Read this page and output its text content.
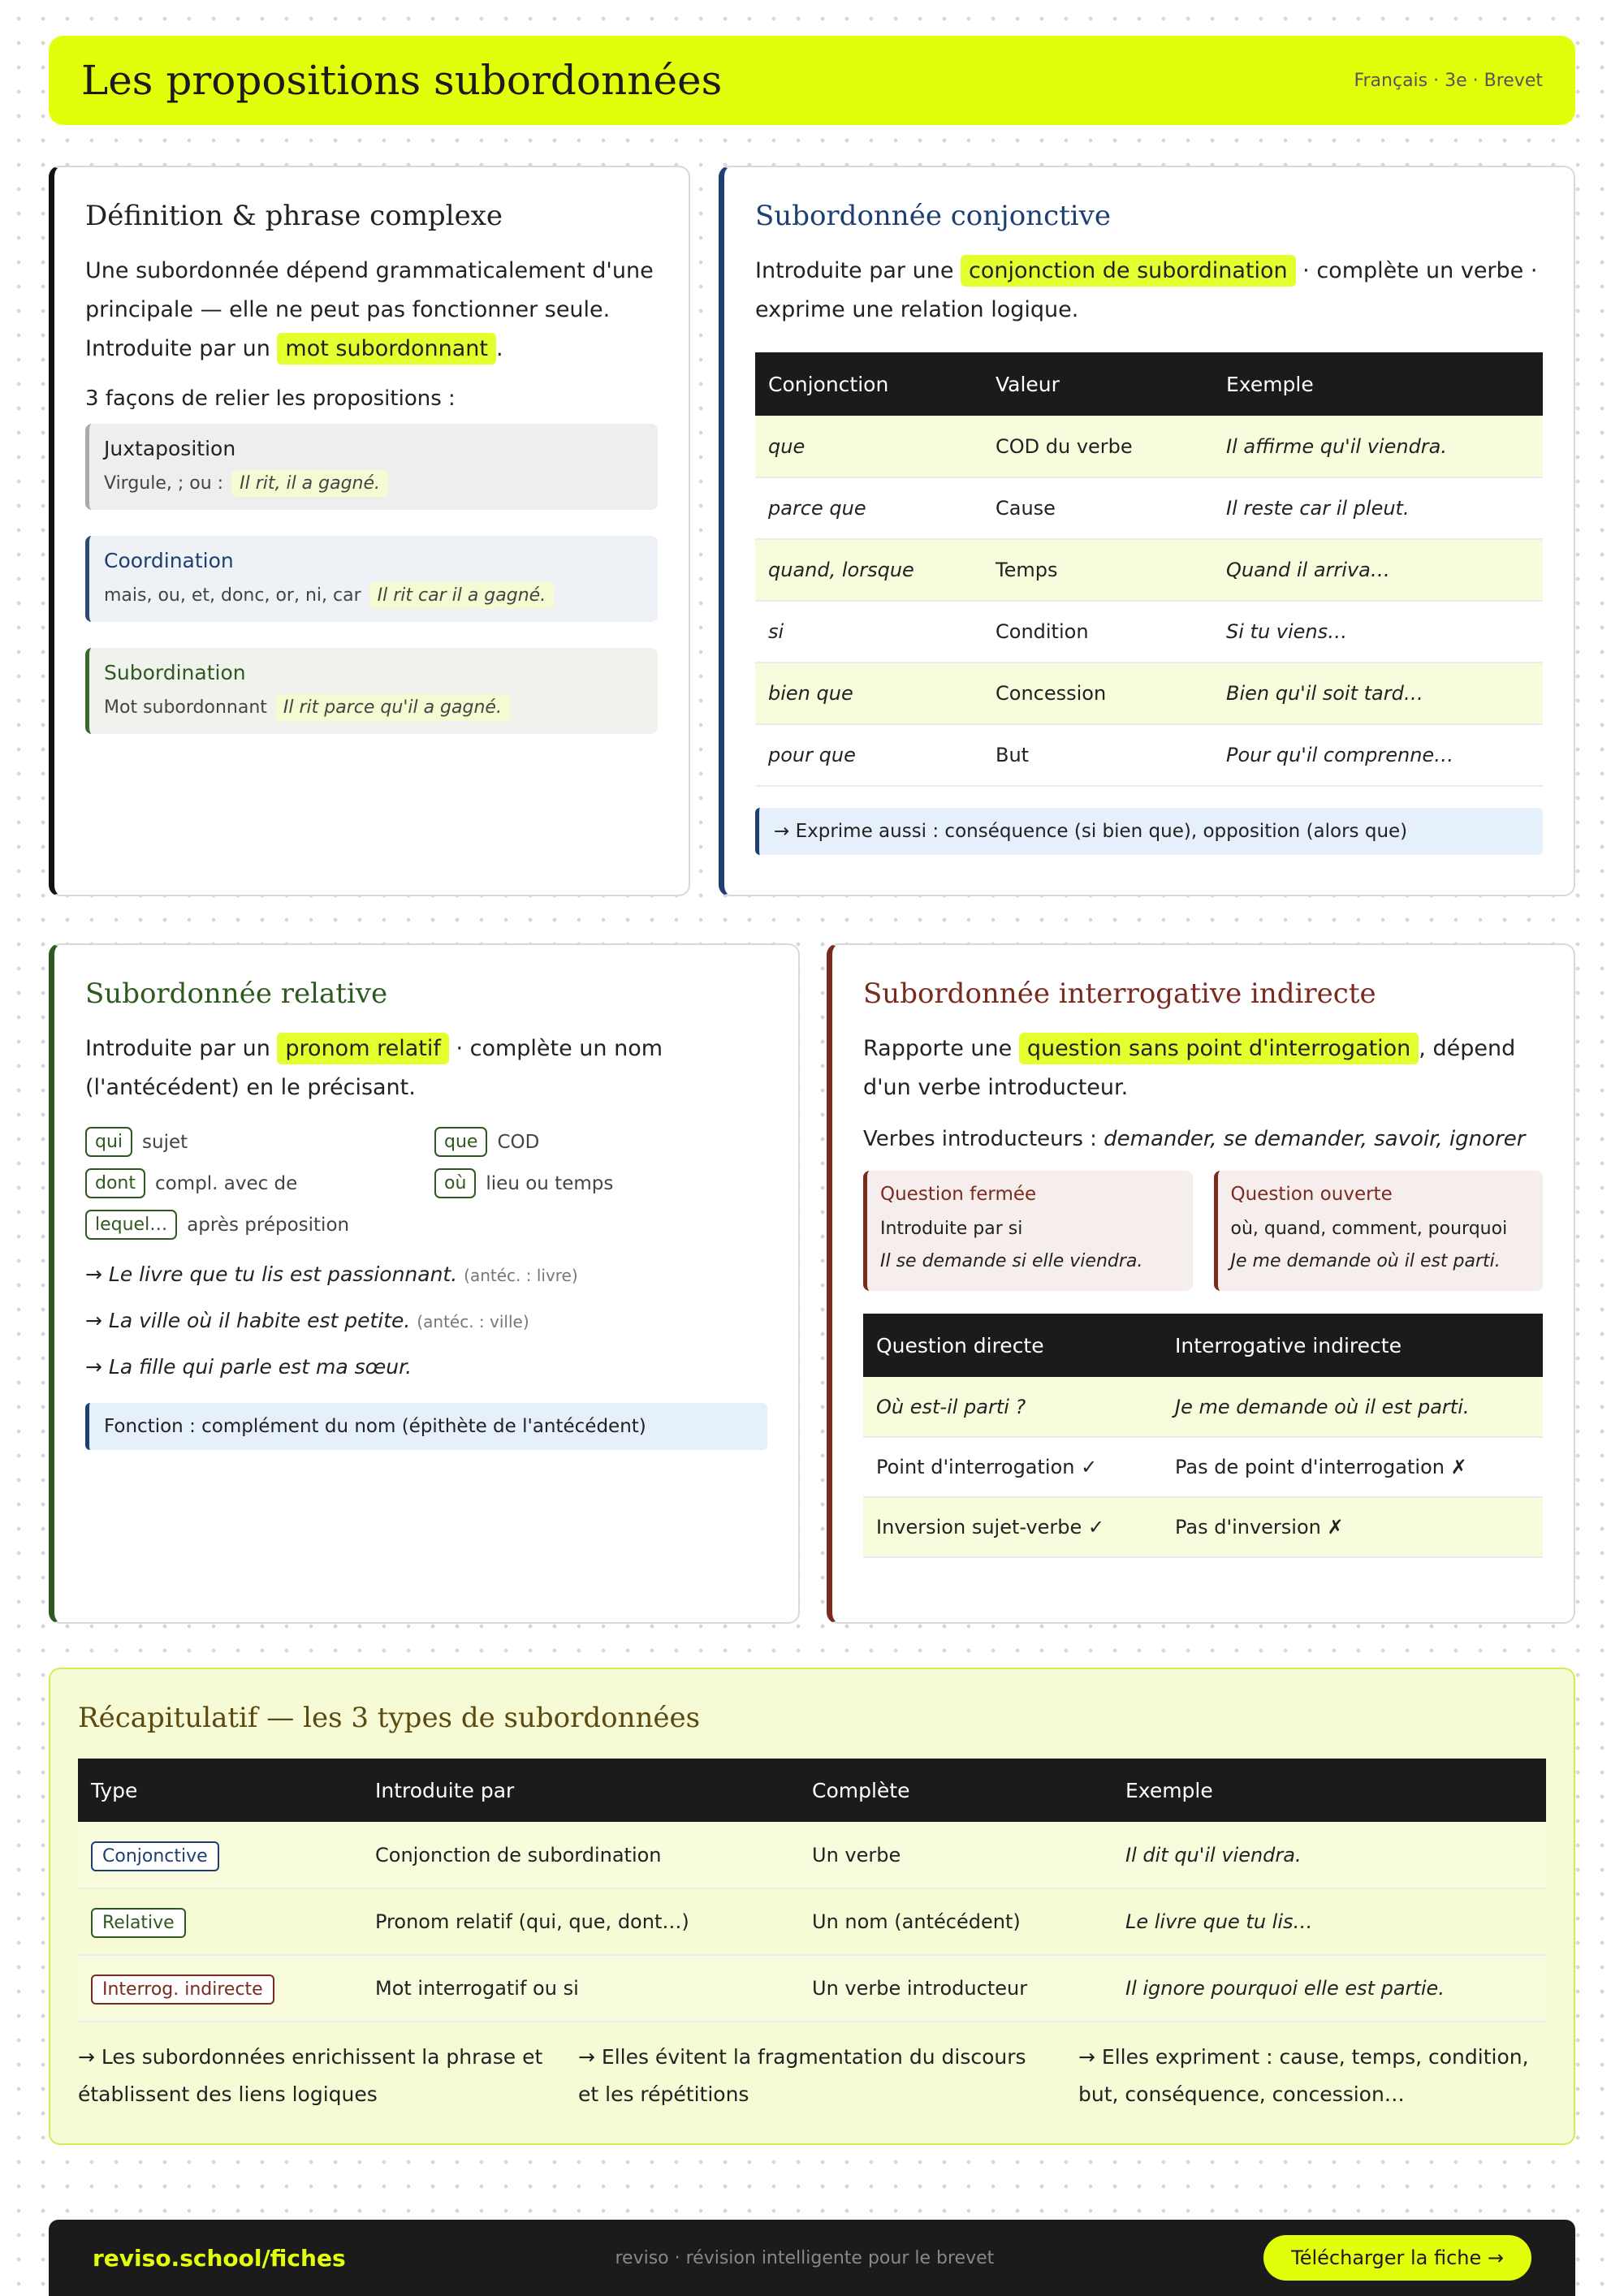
Les propositions subordonnées	Français · 3e · Brevet
Définition & phrase complexe

Une subordonnée dépend grammaticalement d'une principale — elle ne peut pas fonctionner seule. Introduite par un mot subordonnant .

3 façons de relier les propositions :
Juxtaposition
Virgule, ; ou : Il rit, il a gagné.
Coordination
mais, ou, et, donc, or, ni, car Il rit car il a gagné.
Subordination
Mot subordonnant Il rit parce qu'il a gagné.
Subordonnée conjonctive

Introduite par une conjonction de subordination · complète un verbe · exprime une relation logique.

Conjonction	Valeur	Exemple
que	COD du verbe	Il affirme qu'il viendra.
parce que	Cause	Il reste car il pleut.
quand, lorsque	Temps	Quand il arriva…
si	Condition	Si tu viens…
bien que	Concession	Bien qu'il soit tard…
pour que	But	Pour qu'il comprenne…
→ Exprime aussi : conséquence (si bien que), opposition (alors que)
Subordonnée relative

Introduite par un pronom relatif · complète un nom (l'antécédent) en le précisant.

qui	sujet	que	COD
dont	compl. avec de	où	lieu ou temps
lequel…	après préposition
→ Le livre que tu lis est passionnant. (antéc. : livre)
→ La ville où il habite est petite. (antéc. : ville)
→ La fille qui parle est ma sœur.
Fonction : complément du nom (épithète de l'antécédent)
Subordonnée interrogative indirecte

Rapporte une question sans point d'interrogation , dépend d'un verbe introducteur.

Verbes introducteurs : demander, se demander, savoir, ignorer
Question fermée
Introduite par si
Il se demande si elle viendra.
Question ouverte
où, quand, comment, pourquoi
Je me demande où il est parti.
Question directe	Interrogative indirecte
Où est-il parti ?	Je me demande où il est parti.
Point d'interrogation ✓	Pas de point d'interrogation ✗
Inversion sujet-verbe ✓	Pas d'inversion ✗
Récapitulatif — les 3 types de subordonnées
Type	Introduite par	Complète	Exemple
Conjonctive	Conjonction de subordination	Un verbe	Il dit qu'il viendra.
Relative	Pronom relatif (qui, que, dont…)	Un nom (antécédent)	Le livre que tu lis…
Interrog. indirecte	Mot interrogatif ou si	Un verbe introducteur	Il ignore pourquoi elle est partie.

→ Les subordonnées enrichissent la phrase et établissent des liens logiques

→ Elles évitent la fragmentation du discours et les répétitions

→ Elles expriment : cause, temps, condition, but, conséquence, concession…

reviso.school/fiches	reviso · révision intelligente pour le brevet	Télécharger la fiche →
